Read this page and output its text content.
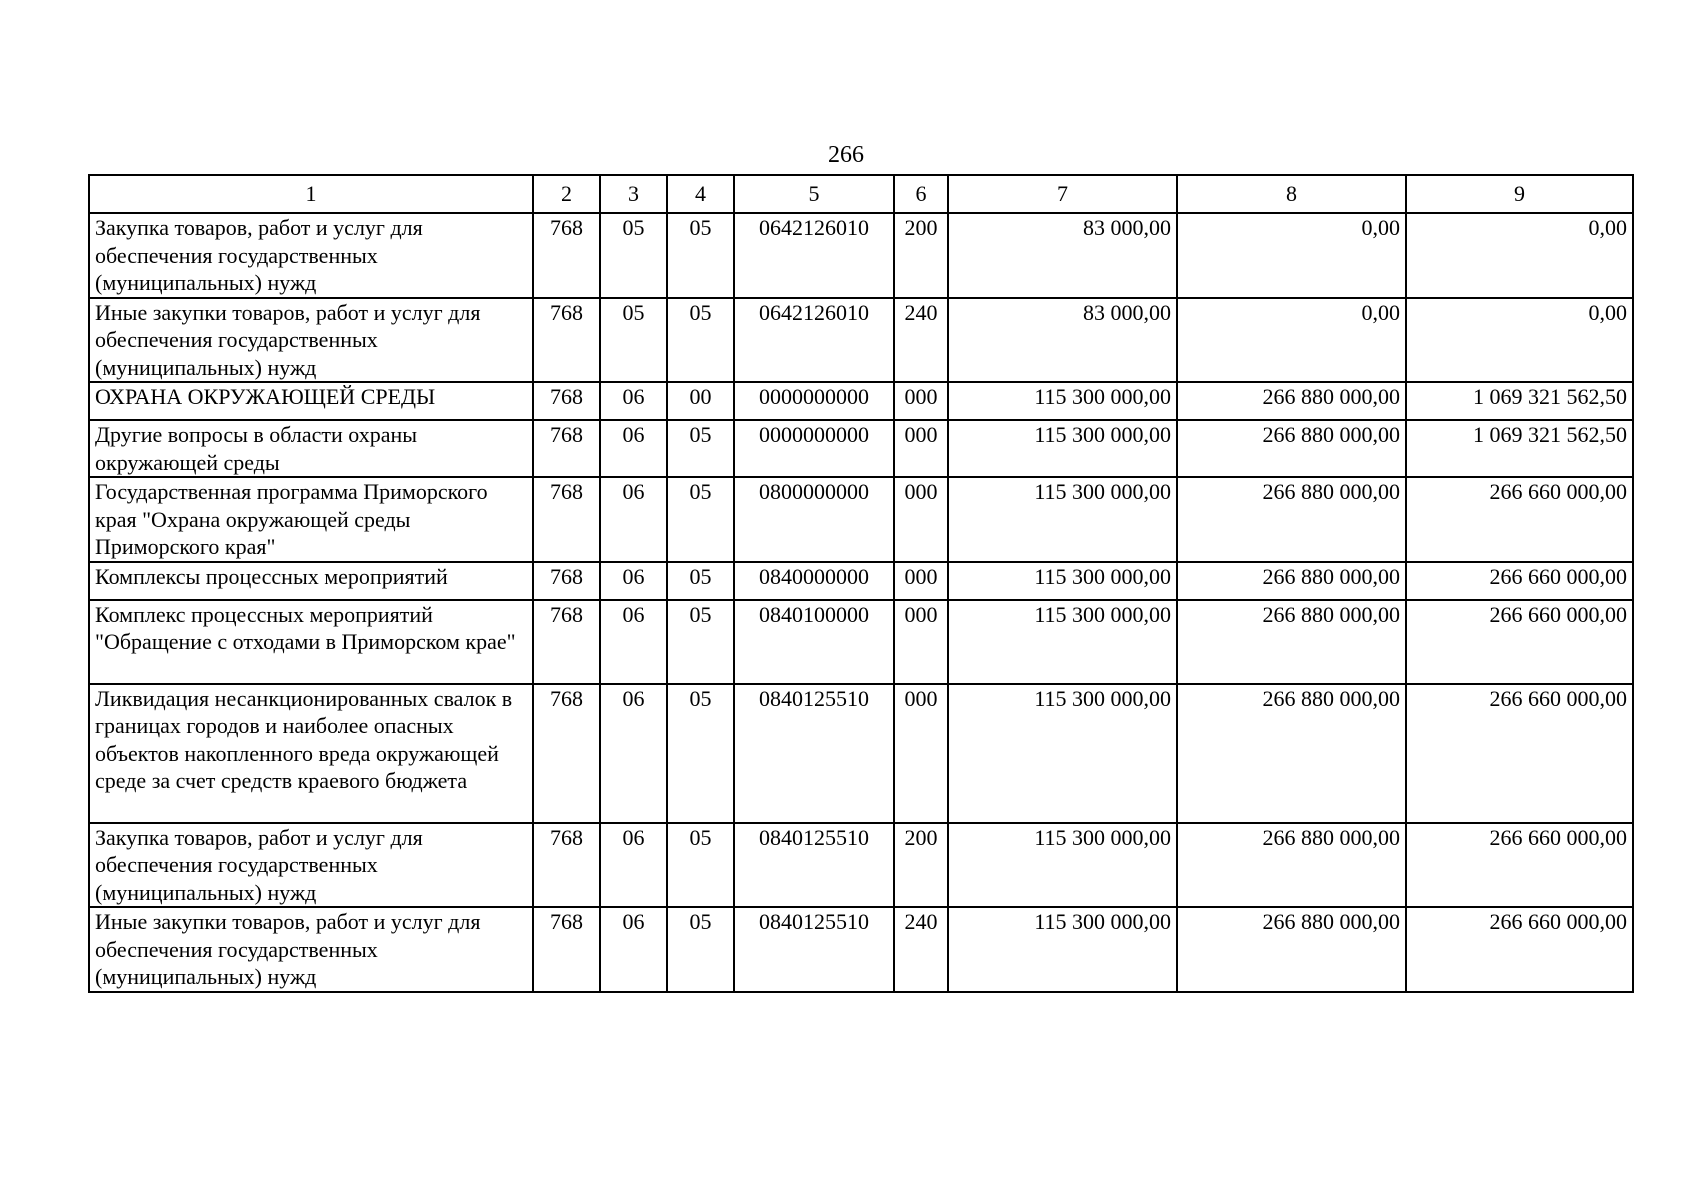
266
1	2	3	4	5	6	7	8	9
Закупка товаров, работ и услуг для обеспечения государственных (муниципальных) нужд	768	05	05	0642126010	200	83 000,00	0,00	0,00
Иные закупки товаров, работ и услуг для обеспечения государственных (муниципальных) нужд	768	05	05	0642126010	240	83 000,00	0,00	0,00
ОХРАНА ОКРУЖАЮЩЕЙ СРЕДЫ	768	06	00	0000000000	000	115 300 000,00	266 880 000,00	1 069 321 562,50
Другие вопросы в области охраны окружающей среды	768	06	05	0000000000	000	115 300 000,00	266 880 000,00	1 069 321 562,50
Государственная программа Приморского края "Охрана окружающей среды Приморского края"	768	06	05	0800000000	000	115 300 000,00	266 880 000,00	266 660 000,00
Комплексы процессных мероприятий	768	06	05	0840000000	000	115 300 000,00	266 880 000,00	266 660 000,00
Комплекс процессных мероприятий "Обращение с отходами в Приморском крае"	768	06	05	0840100000	000	115 300 000,00	266 880 000,00	266 660 000,00
Ликвидация несанкционированных свалок в границах городов и наиболее опасных объектов накопленного вреда окружающей среде за счет средств краевого бюджета	768	06	05	0840125510	000	115 300 000,00	266 880 000,00	266 660 000,00
Закупка товаров, работ и услуг для обеспечения государственных (муниципальных) нужд	768	06	05	0840125510	200	115 300 000,00	266 880 000,00	266 660 000,00
Иные закупки товаров, работ и услуг для обеспечения государственных (муниципальных) нужд	768	06	05	0840125510	240	115 300 000,00	266 880 000,00	266 660 000,00
